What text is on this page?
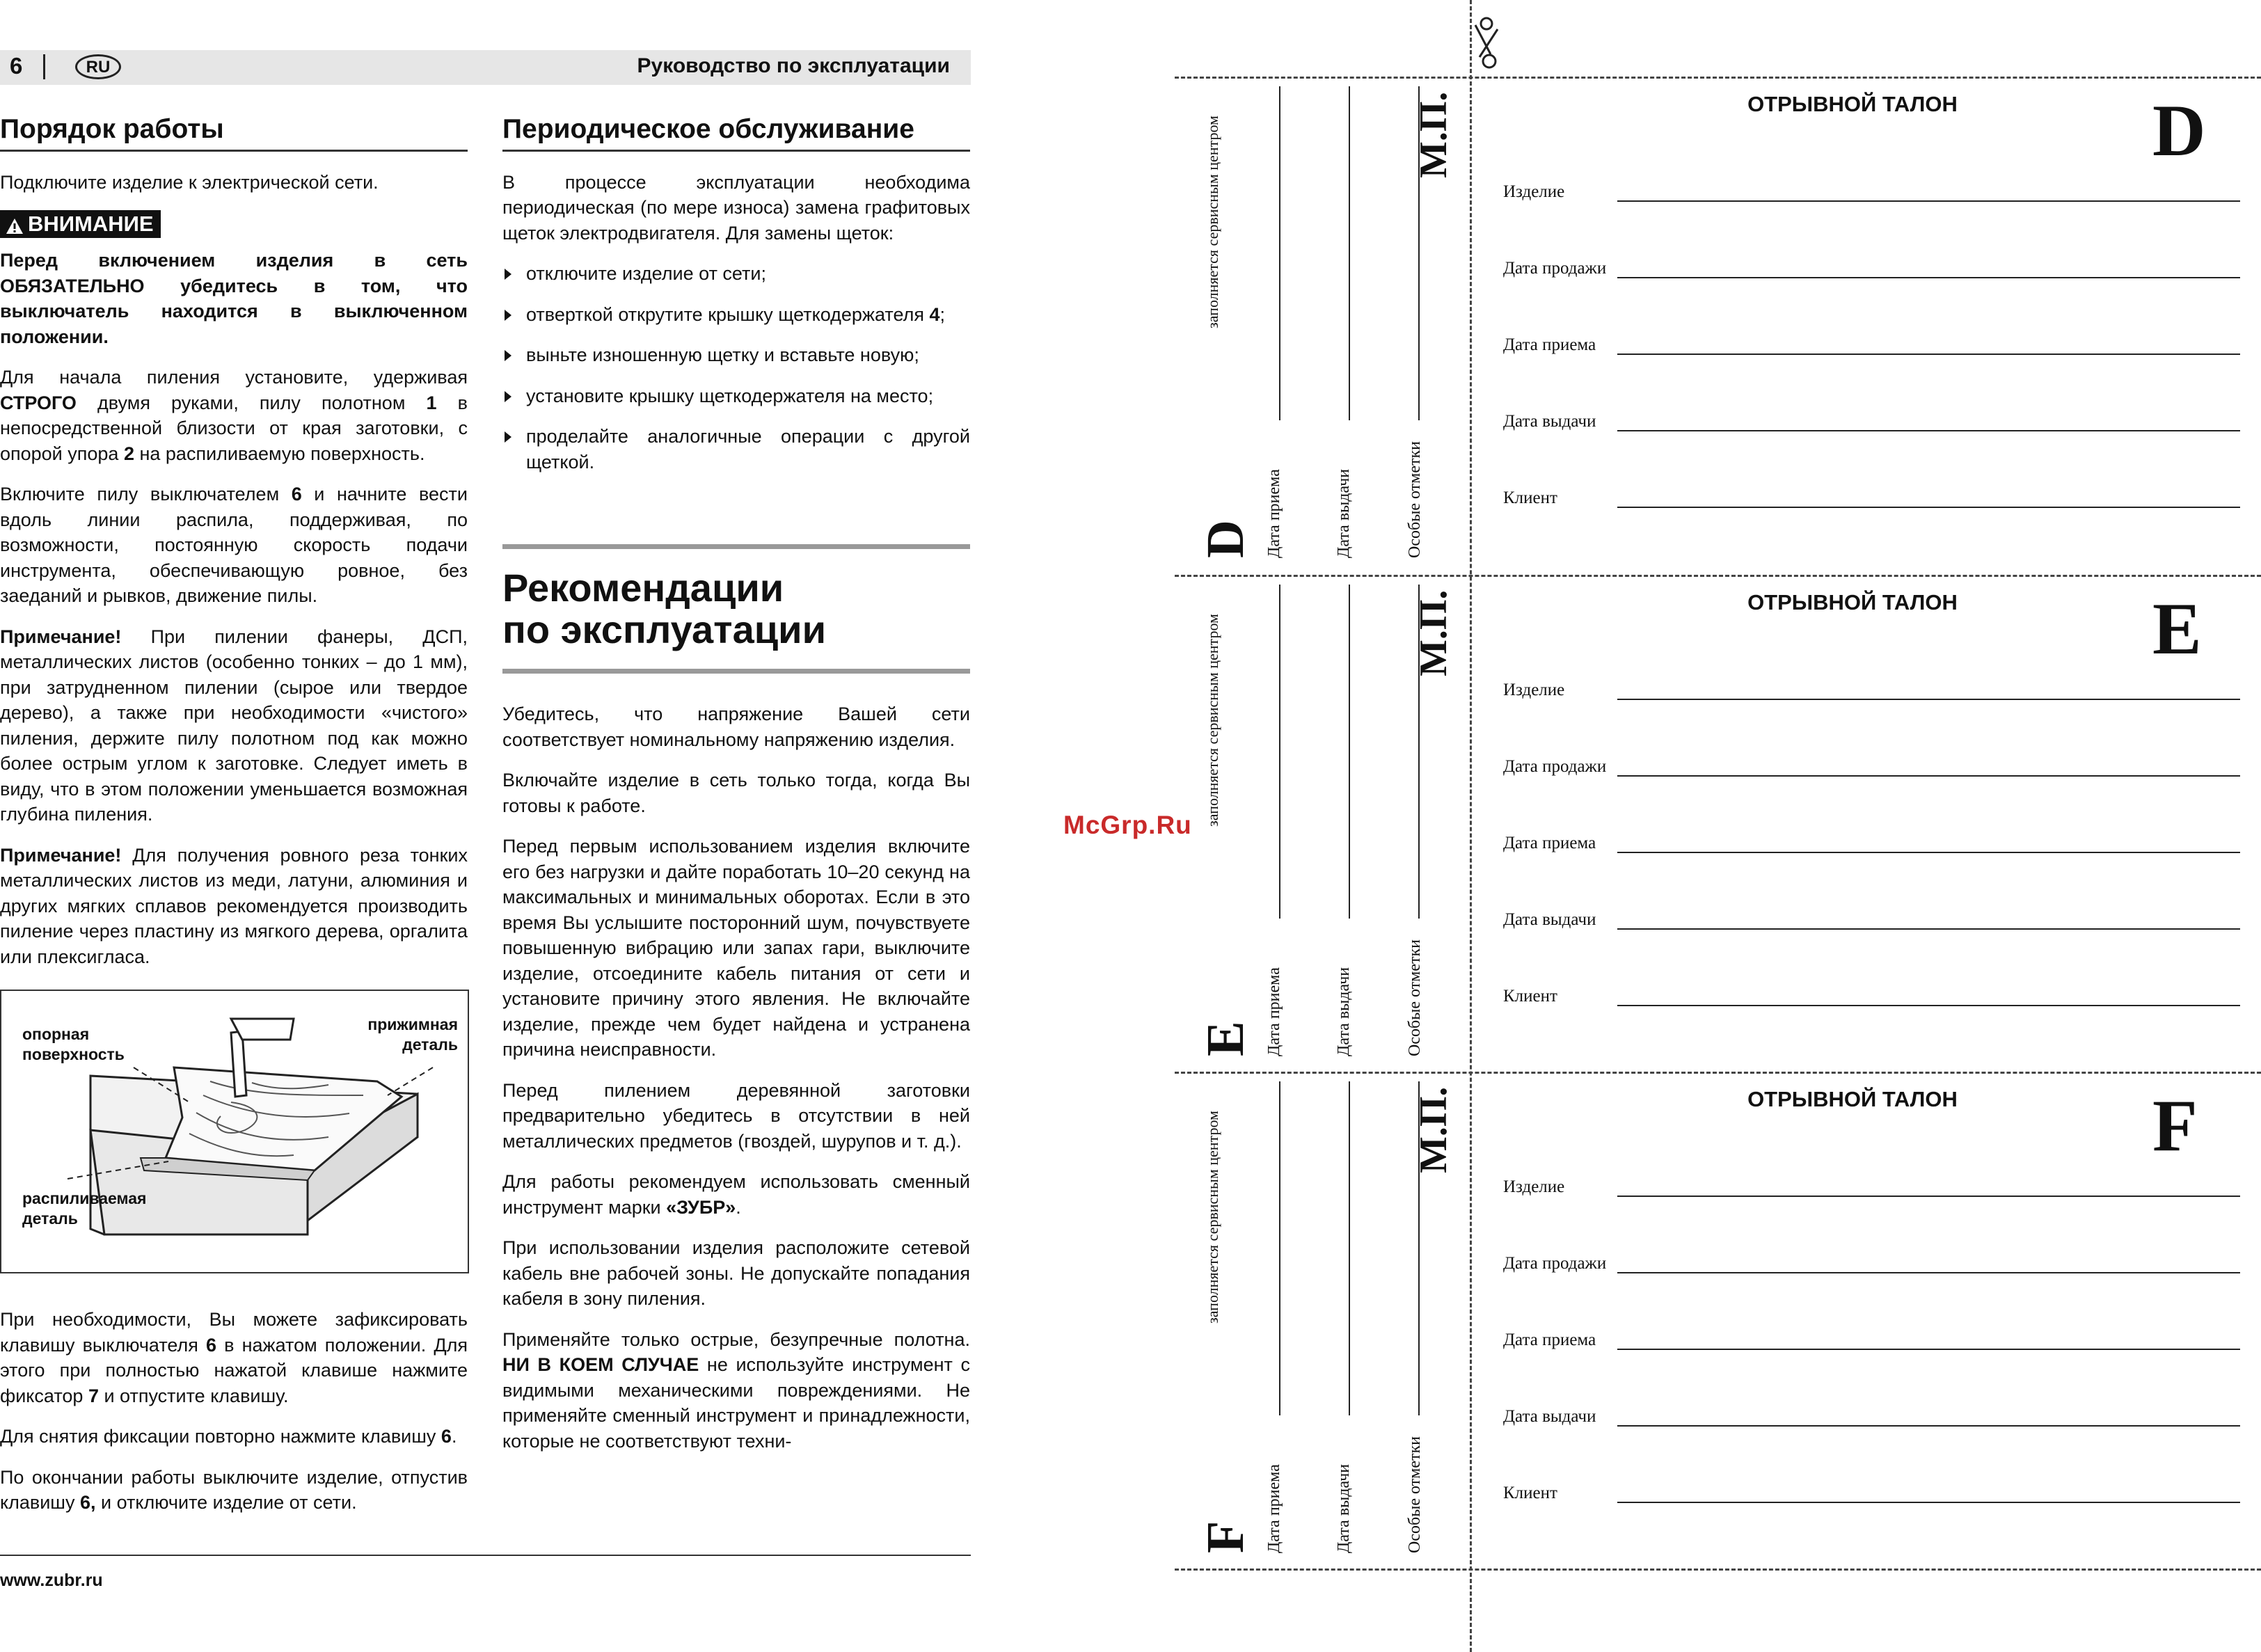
6	RU	Руководство по эксплуатации
Порядок работы

Подключите изделие к электрической сети.

ВНИМАНИЕ

Перед включением изделия в сеть ОБЯЗАТЕЛЬНО убедитесь в том, что выключатель находится в выключенном положении.

Для начала пиления установите, удерживая СТРОГО двумя руками, пилу полотном 1 в непосредственной близости от края заготовки, с опорой упора 2 на распиливаемую поверхность.

Включите пилу выключателем 6 и начните вести вдоль линии распила, поддерживая, по возможности, постоянную скорость подачи инструмента, обеспечивающую ровное, без заеданий и рывков, движение пилы.

Примечание! При пилении фанеры, ДСП, металлических листов (особенно тонких – до 1 мм), при затрудненном пилении (сырое или твердое дерево), а также при необходимости «чистого» пиления, держите пилу полотном под как можно более острым углом к заготовке. Следует иметь в виду, что в этом положении уменьшается возможная глубина пиления.

Примечание! Для получения ровного реза тонких металлических листов из меди, латуни, алюминия и других мягких сплавов рекомендуется производить пиление через пластину из мягкого дерева, оргалита или плексигласа.

опорная
поверхность
прижимная
деталь
распиливаемая
деталь

При необходимости, Вы можете зафиксировать клавишу выключателя 6 в нажатом положении. Для этого при полностью нажатой клавише нажмите фиксатор 7 и отпустите клавишу.

Для снятия фиксации повторно нажмите клавишу 6.

По окончании работы выключите изделие, отпустив клавишу 6, и отключите изделие от сети.

Периодическое обслуживание

В процессе эксплуатации необходима периодическая (по мере износа) замена графитовых щеток электродвигателя. Для замены щеток:

отключите изделие от сети;
отверткой открутите крышку щеткодержателя 4;
выньте изношенную щетку и вставьте новую;
установите крышку щеткодержателя на место;
проделайте аналогичные операции с другой щеткой.
Рекомендации
по эксплуатации

Убедитесь, что напряжение Вашей сети соответствует номинальному напряжению изделия.

Включайте изделие в сеть только тогда, когда Вы готовы к работе.

Перед первым использованием изделия включите его без нагрузки и дайте поработать 10–20 секунд на максимальных и минимальных оборотах. Если в это время Вы услышите посторонний шум, почувствуете повышенную вибрацию или запах гари, выключите изделие, отсоедините кабель питания от сети и установите причину этого явления. Не включайте изделие, прежде чем будет найдена и устранена причина неисправности.

Перед пилением деревянной заготовки предварительно убедитесь в отсутствии в ней металлических предметов (гвоздей, шурупов и т. д.).

Для работы рекомендуем использовать сменный инструмент марки «ЗУБР».

При использовании изделия расположите сетевой кабель вне рабочей зоны. Не допускайте попадания кабеля в зону пиления.

Применяйте только острые, безупречные полотна. НИ В КОЕМ СЛУЧАЕ не используйте инструмент с видимыми механическими повреждениями. Не применяйте сменный инструмент и принадлежности, которые не соответствуют техни-

www.zubr.ru
McGrp.Ru
заполняется сервисным центром
D Дата приема	Дата выдачи	Особые отметки
М.П.	ОТРЫВНОЙ ТАЛОН	D
Изделие
Дата продажи
Дата приема
Дата выдачи
Клиент
заполняется сервисным центром
E Дата приема	Дата выдачи	Особые отметки
М.П.	ОТРЫВНОЙ ТАЛОН	E
Изделие
Дата продажи
Дата приема
Дата выдачи
Клиент
заполняется сервисным центром
F Дата приема	Дата выдачи	Особые отметки
М.П.	ОТРЫВНОЙ ТАЛОН	F
Изделие
Дата продажи
Дата приема
Дата выдачи
Клиент
